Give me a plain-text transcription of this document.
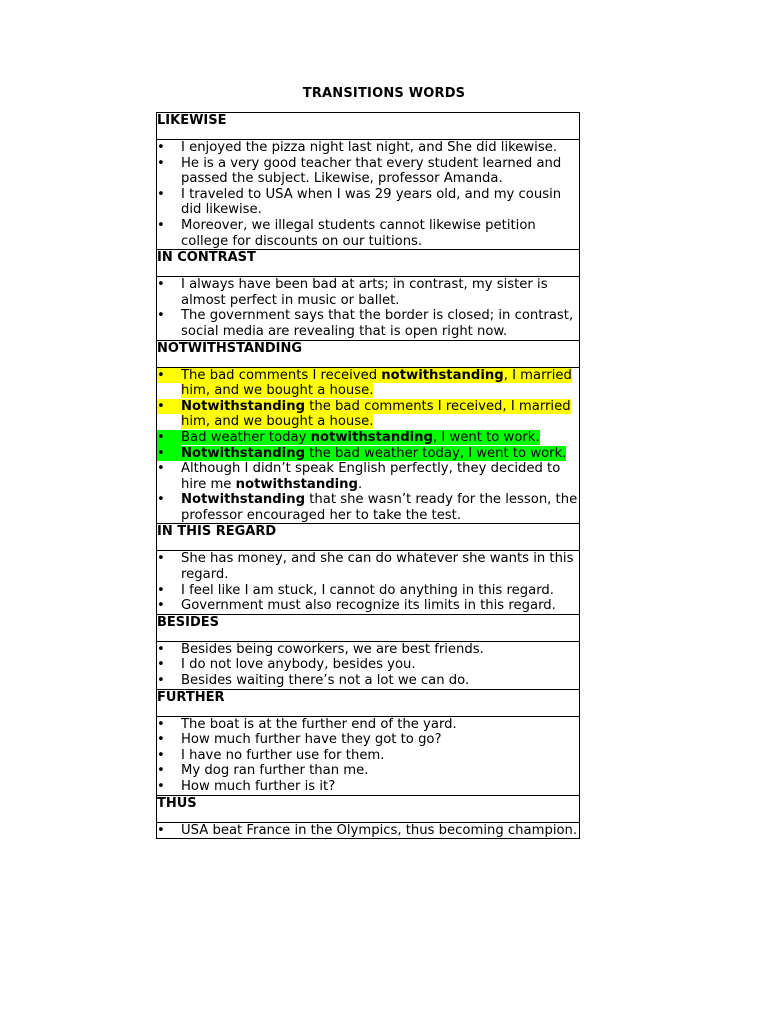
TRANSITIONS WORDS
LIKEWISE

•	I enjoyed the pizza night last night, and She did likewise.
•	He is a very good teacher that every student learned and passed the subject. Likewise, professor Amanda.
•	I traveled to USA when I was 29 years old, and my cousin did likewise.
•	Moreover, we illegal students cannot likewise petition college for discounts on our tuitions.

IN CONTRAST

•	I always have been bad at arts; in contrast, my sister is almost perfect in music or ballet.
•	The government says that the border is closed; in contrast, social media are revealing that is open right now.

NOTWITHSTANDING

•	The bad comments I received notwithstanding, I married him, and we bought a house.
•	Notwithstanding the bad comments I received, I married him, and we bought a house.
•	Bad weather today notwithstanding, I went to work.
•	Notwithstanding the bad weather today, I went to work.
•	Although I didn’t speak English perfectly, they decided to hire me notwithstanding.
•	Notwithstanding that she wasn’t ready for the lesson, the professor encouraged her to take the test.

IN THIS REGARD

•	She has money, and she can do whatever she wants in this regard.
•	I feel like I am stuck, I cannot do anything in this regard.
•	Government must also recognize its limits in this regard.

BESIDES

•	Besides being coworkers, we are best friends.
•	I do not love anybody, besides you.
•	Besides waiting there’s not a lot we can do.

FURTHER

•	The boat is at the further end of the yard.
•	How much further have they got to go?
•	I have no further use for them.
•	My dog ran further than me.
•	How much further is it?

THUS

•	USA beat France in the Olympics, thus becoming champion.
